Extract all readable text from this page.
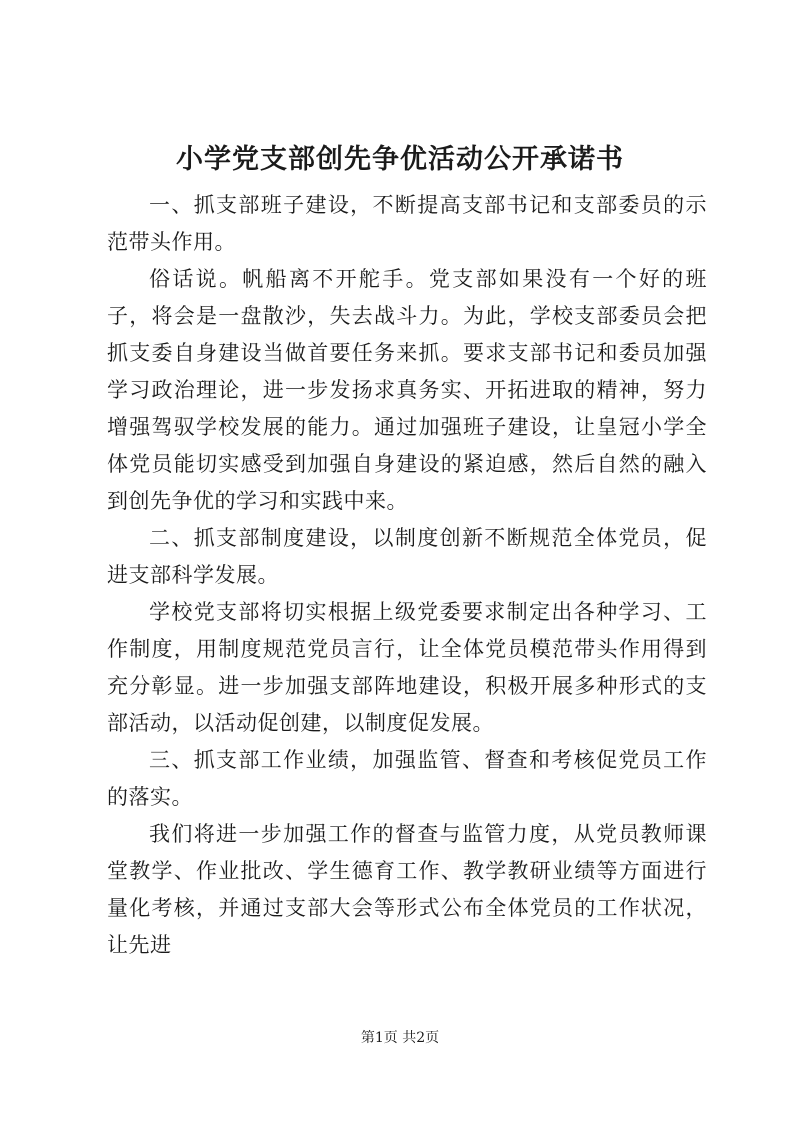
小学党支部创先争优活动公开承诺书

一、抓支部班子建设，不断提高支部书记和支部委员的示范带头作用。

俗话说。帆船离不开舵手。党支部如果没有一个好的班子，将会是一盘散沙，失去战斗力。为此，学校支部委员会把抓支委自身建设当做首要任务来抓。要求支部书记和委员加强学习政治理论，进一步发扬求真务实、开拓进取的精神，努力增强驾驭学校发展的能力。通过加强班子建设，让皇冠小学全体党员能切实感受到加强自身建设的紧迫感，然后自然的融入到创先争优的学习和实践中来。

二、抓支部制度建设，以制度创新不断规范全体党员，促进支部科学发展。

学校党支部将切实根据上级党委要求制定出各种学习、工作制度，用制度规范党员言行，让全体党员模范带头作用得到充分彰显。进一步加强支部阵地建设，积极开展多种形式的支部活动，以活动促创建，以制度促发展。

三、抓支部工作业绩，加强监管、督查和考核促党员工作的落实。

我们将进一步加强工作的督查与监管力度，从党员教师课堂教学、作业批改、学生德育工作、教学教研业绩等方面进行量化考核，并通过支部大会等形式公布全体党员的工作状况，让先进

第1页 共2页
